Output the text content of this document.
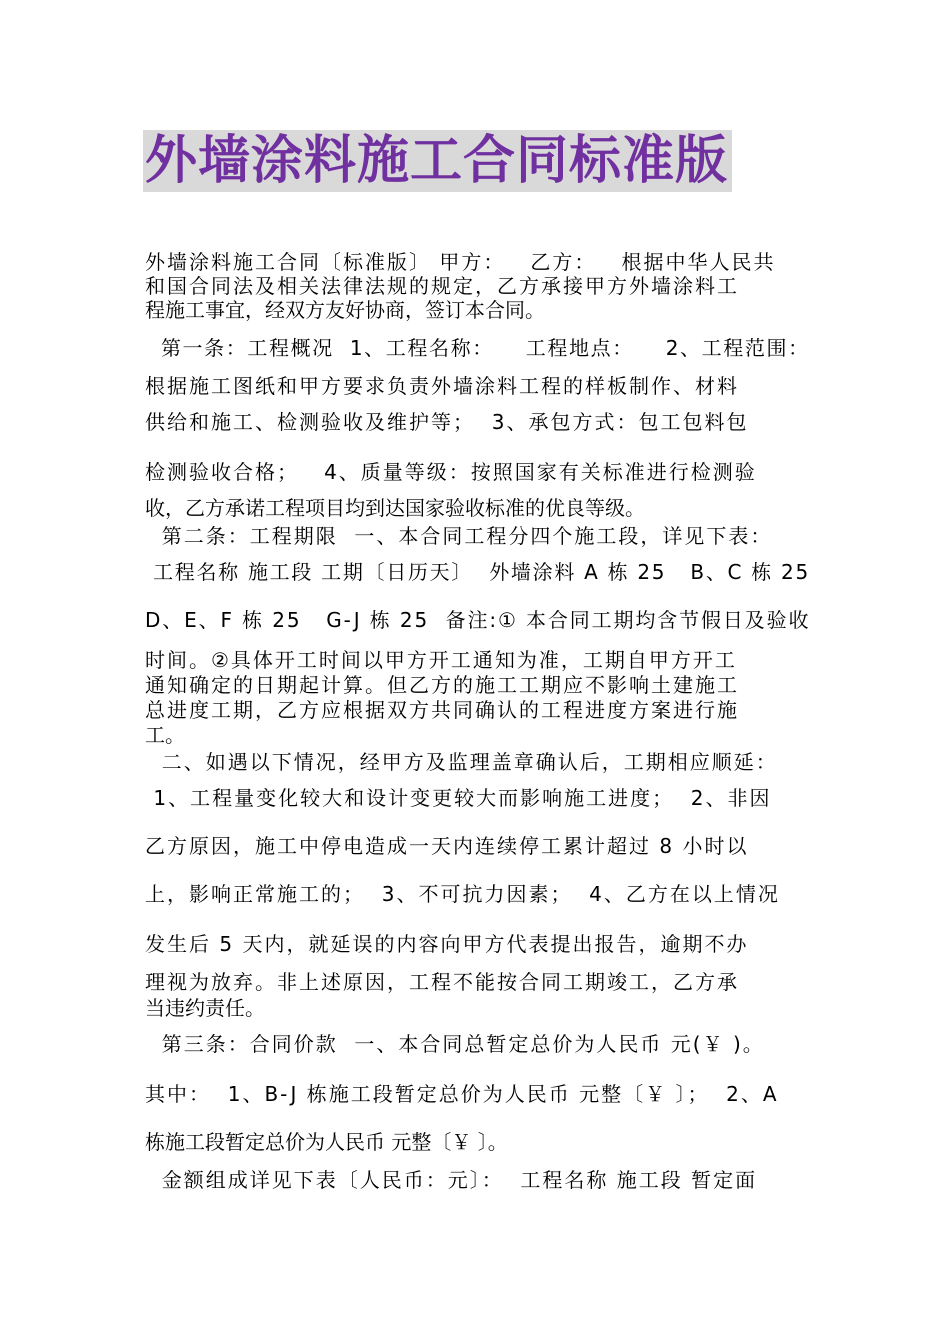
外墙涂料施工合同标准版
外墙涂料施工合同〔标准版〕 甲方：   乙方：   根据中华人民共
和国合同法及相关法律法规的规定，乙方承接甲方外墙涂料工
程施工事宜，经双方友好协商，签订本合同。
第一条：工程概况  1、工程名称：    工程地点：    2、工程范围：
根据施工图纸和甲方要求负责外墙涂料工程的样板制作、材料
供给和施工、检测验收及维护等；  3、承包方式：包工包料包
检测验收合格；   4、质量等级：按照国家有关标准进行检测验
收，乙方承诺工程项目均到达国家验收标准的优良等级。
第二条：工程期限  一、本合同工程分四个施工段，详见下表：
工程名称 施工段 工期〔日历天〕  外墙涂料 A 栋 25   B、C 栋 25
D、E、F 栋 25   G-J 栋 25  备注:① 本合同工期均含节假日及验收
时间。②具体开工时间以甲方开工通知为准，工期自甲方开工
通知确定的日期起计算。但乙方的施工工期应不影响土建施工
总进度工期，乙方应根据双方共同确认的工程进度方案进行施
工。
二、如遇以下情况，经甲方及监理盖章确认后，工期相应顺延：
1、工程量变化较大和设计变更较大而影响施工进度；  2、非因
乙方原因，施工中停电造成一天内连续停工累计超过 8 小时以
上，影响正常施工的；  3、不可抗力因素；  4、乙方在以上情况
发生后 5 天内，就延误的内容向甲方代表提出报告，逾期不办
理视为放弃。非上述原因，工程不能按合同工期竣工，乙方承
当违约责任。
第三条：合同价款  一、本合同总暂定总价为人民币 元(￥ )。
其中：  1、B-J 栋施工段暂定总价为人民币 元整〔￥ 〕；  2、A
栋施工段暂定总价为人民币 元整〔￥ 〕。
金额组成详见下表〔人民币：元〕：  工程名称 施工段 暂定面
